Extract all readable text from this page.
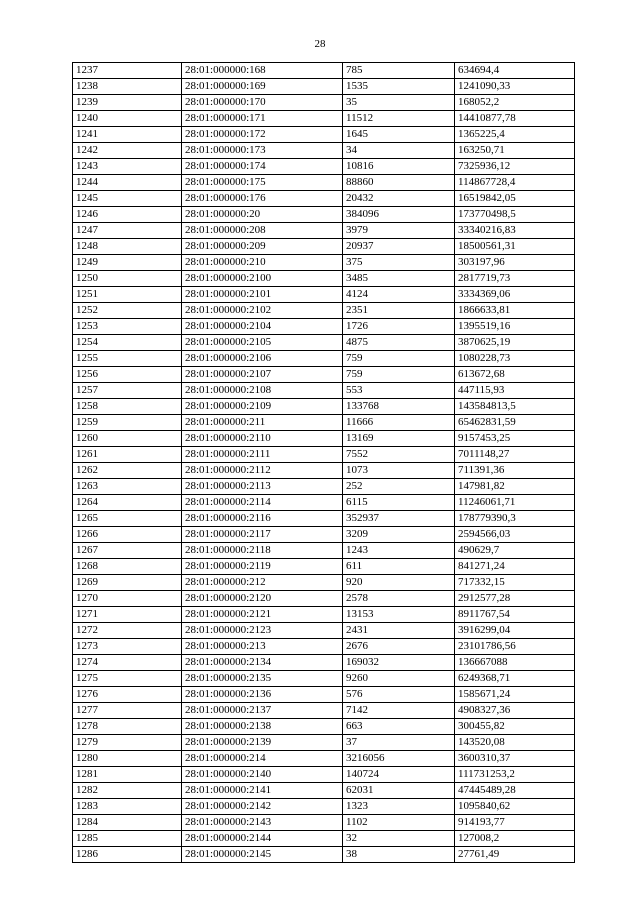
28
1237	28:01:000000:168	785	634694,4
1238	28:01:000000:169	1535	1241090,33
1239	28:01:000000:170	35	168052,2
1240	28:01:000000:171	11512	14410877,78
1241	28:01:000000:172	1645	1365225,4
1242	28:01:000000:173	34	163250,71
1243	28:01:000000:174	10816	7325936,12
1244	28:01:000000:175	88860	114867728,4
1245	28:01:000000:176	20432	16519842,05
1246	28:01:000000:20	384096	173770498,5
1247	28:01:000000:208	3979	33340216,83
1248	28:01:000000:209	20937	18500561,31
1249	28:01:000000:210	375	303197,96
1250	28:01:000000:2100	3485	2817719,73
1251	28:01:000000:2101	4124	3334369,06
1252	28:01:000000:2102	2351	1866633,81
1253	28:01:000000:2104	1726	1395519,16
1254	28:01:000000:2105	4875	3870625,19
1255	28:01:000000:2106	759	1080228,73
1256	28:01:000000:2107	759	613672,68
1257	28:01:000000:2108	553	447115,93
1258	28:01:000000:2109	133768	143584813,5
1259	28:01:000000:211	11666	65462831,59
1260	28:01:000000:2110	13169	9157453,25
1261	28:01:000000:2111	7552	7011148,27
1262	28:01:000000:2112	1073	711391,36
1263	28:01:000000:2113	252	147981,82
1264	28:01:000000:2114	6115	11246061,71
1265	28:01:000000:2116	352937	178779390,3
1266	28:01:000000:2117	3209	2594566,03
1267	28:01:000000:2118	1243	490629,7
1268	28:01:000000:2119	611	841271,24
1269	28:01:000000:212	920	717332,15
1270	28:01:000000:2120	2578	2912577,28
1271	28:01:000000:2121	13153	8911767,54
1272	28:01:000000:2123	2431	3916299,04
1273	28:01:000000:213	2676	23101786,56
1274	28:01:000000:2134	169032	136667088
1275	28:01:000000:2135	9260	6249368,71
1276	28:01:000000:2136	576	1585671,24
1277	28:01:000000:2137	7142	4908327,36
1278	28:01:000000:2138	663	300455,82
1279	28:01:000000:2139	37	143520,08
1280	28:01:000000:214	3216056	3600310,37
1281	28:01:000000:2140	140724	111731253,2
1282	28:01:000000:2141	62031	47445489,28
1283	28:01:000000:2142	1323	1095840,62
1284	28:01:000000:2143	1102	914193,77
1285	28:01:000000:2144	32	127008,2
1286	28:01:000000:2145	38	27761,49
